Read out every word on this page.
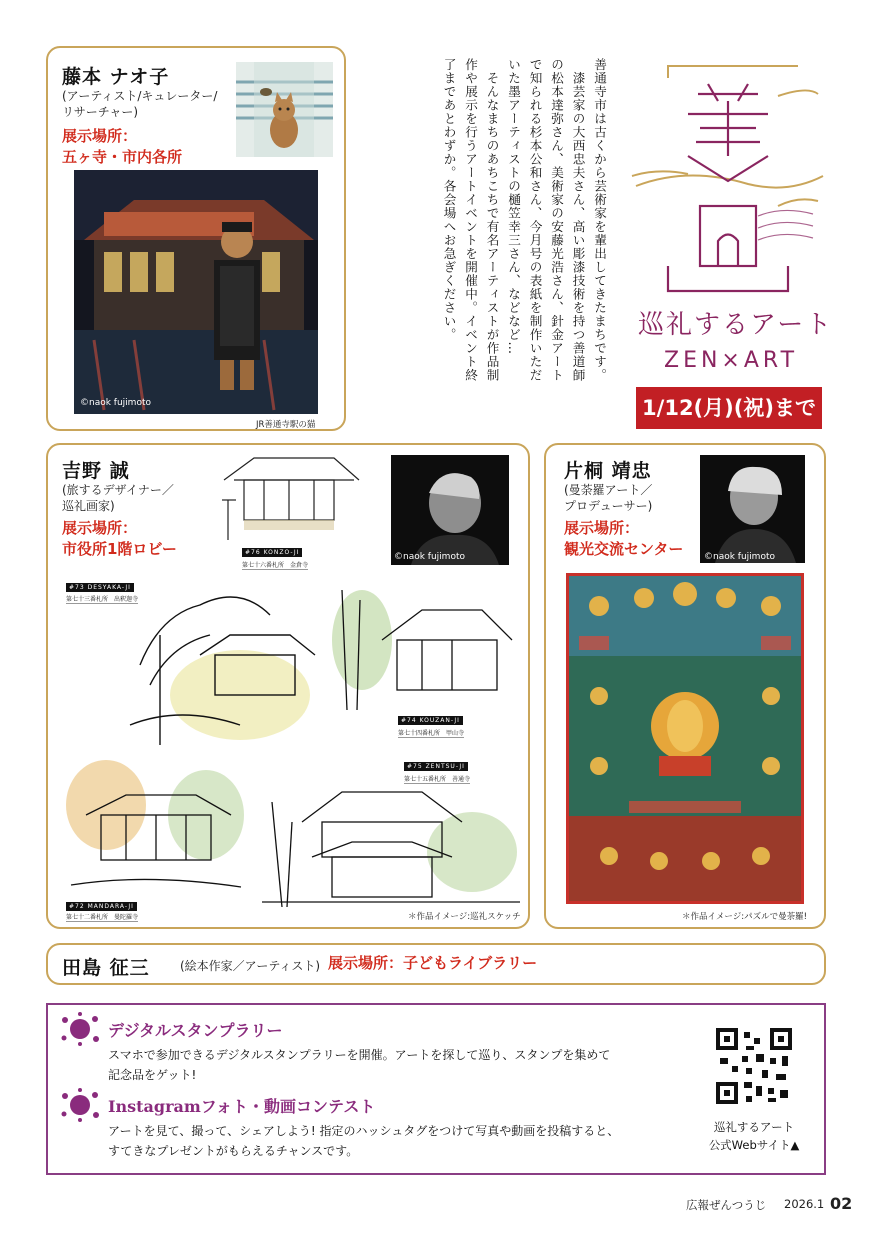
藤本 ナオ子
(アーティスト/キュレーター/
リサーチャー)
展示場所：
五ヶ寺・市内各所
©naok fujimoto
JR善通寺駅の猫
善通寺市は古くから芸術家を輩出してきたまちです。
　漆芸家の大西忠夫さん、高い彫漆技術を持つ善道師の松本達弥さん、美術家の安藤光浩さん、針金アートで知られる杉本公和さん、今月号の表紙を制作いただいた墨アーティストの樋笠幸三さん、などなど…
　そんなまちのあちこちで有名アーティストが作品制作や展示を行うアートイベントを開催中。イベント終了まであとわずか。各会場へお急ぎください。	巡礼するアート
ZEN×ART
1/12(月)(祝)まで
吉野 誠
(旅するデザイナー／
巡礼画家)
展示場所：
市役所1階ロビー	©naok fujimoto
#76 KONZO-JI
第七十六番札所　金倉寺
#73 DESYAKA-JI
第七十三番札所　出釈迦寺
#74 KOUZAN-JI
第七十四番札所　甲山寺
#75 ZENTSU-JI
第七十五番札所　善通寺
#72 MANDARA-JI
第七十二番札所　曼陀羅寺	＊作品イメージ:巡礼スケッチ
片桐 靖忠
(曼荼羅アート／
プロデューサー)
展示場所：
観光交流センター ©naok fujimoto
＊作品イメージ:パズルで曼荼羅!
田島 征三	(絵本作家／アーティスト) 展示場所：子どもライブラリー
デジタルスタンプラリー
スマホで参加できるデジタルスタンプラリーを開催。アートを探して巡り、スタンプを集めて
記念品をゲット!
Instagramフォト・動画コンテスト
アートを見て、撮って、シェアしよう! 指定のハッシュタグをつけて写真や動画を投稿すると、
すてきなプレゼントがもらえるチャンスです。
巡礼するアート
公式Webサイト▲
広報ぜんつうじ 2026.1 02
